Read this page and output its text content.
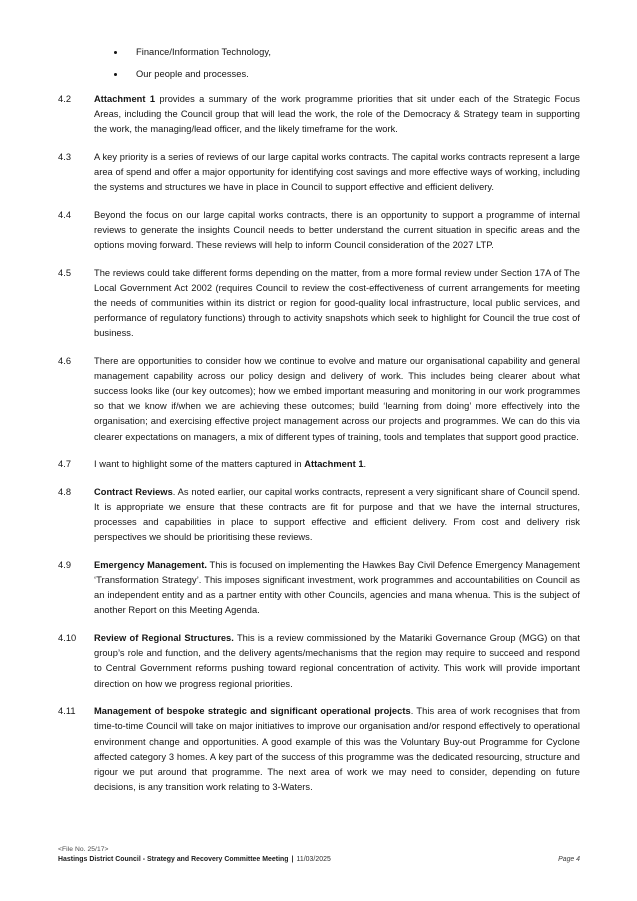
Finance/Information Technology,
Our people and processes.
4.2	Attachment 1 provides a summary of the work programme priorities that sit under each of the Strategic Focus Areas, including the Council group that will lead the work, the role of the Democracy & Strategy team in supporting the work, the managing/lead officer, and the likely timeframe for the work.
4.3	A key priority is a series of reviews of our large capital works contracts. The capital works contracts represent a large area of spend and offer a major opportunity for identifying cost savings and more effective ways of working, including the systems and structures we have in place in Council to support effective and efficient delivery.
4.4	Beyond the focus on our large capital works contracts, there is an opportunity to support a programme of internal reviews to generate the insights Council needs to better understand the current situation in specific areas and the options moving forward. These reviews will help to inform Council consideration of the 2027 LTP.
4.5	The reviews could take different forms depending on the matter, from a more formal review under Section 17A of The Local Government Act 2002 (requires Council to review the cost-effectiveness of current arrangements for meeting the needs of communities within its district or region for good-quality local infrastructure, local public services, and performance of regulatory functions) through to activity snapshots which seek to highlight for Council the true cost of business.
4.6	There are opportunities to consider how we continue to evolve and mature our organisational capability and general management capability across our policy design and delivery of work. This includes being clearer about what success looks like (our key outcomes); how we embed important measuring and monitoring in our work programmes so that we know if/when we are achieving these outcomes; build ‘learning from doing’ more effectively into the organisation; and exercising effective project management across our projects and programmes. We can do this via clearer expectations on managers, a mix of different types of training, tools and templates that support good practice.
4.7	I want to highlight some of the matters captured in Attachment 1.
4.8	Contract Reviews. As noted earlier, our capital works contracts, represent a very significant share of Council spend. It is appropriate we ensure that these contracts are fit for purpose and that we have the internal structures, processes and capabilities in place to support effective and efficient delivery. From cost and delivery risk perspectives we should be prioritising these reviews.
4.9	Emergency Management. This is focused on implementing the Hawkes Bay Civil Defence Emergency Management ‘Transformation Strategy’. This imposes significant investment, work programmes and accountabilities on Council as an independent entity and as a partner entity with other Councils, agencies and mana whenua. This is the subject of another Report on this Meeting Agenda.
4.10	Review of Regional Structures. This is a review commissioned by the Matariki Governance Group (MGG) on that group’s role and function, and the delivery agents/mechanisms that the region may require to succeed and respond to Central Government reforms pushing toward regional concentration of activity. This work will provide important direction on how we progress regional priorities.
4.11	Management of bespoke strategic and significant operational projects. This area of work recognises that from time-to-time Council will take on major initiatives to improve our organisation and/or respond effectively to operational environment change and opportunities. A good example of this was the Voluntary Buy-out Programme for Cyclone affected category 3 homes. A key part of the success of this programme was the dedicated resourcing, structure and rigour we put around that programme. The next area of work we may need to consider, depending on future decisions, is any transition work relating to 3-Waters.
<File No. 25/17>
Hastings District Council - Strategy and Recovery Committee Meeting | 11/03/2025	Page 4
